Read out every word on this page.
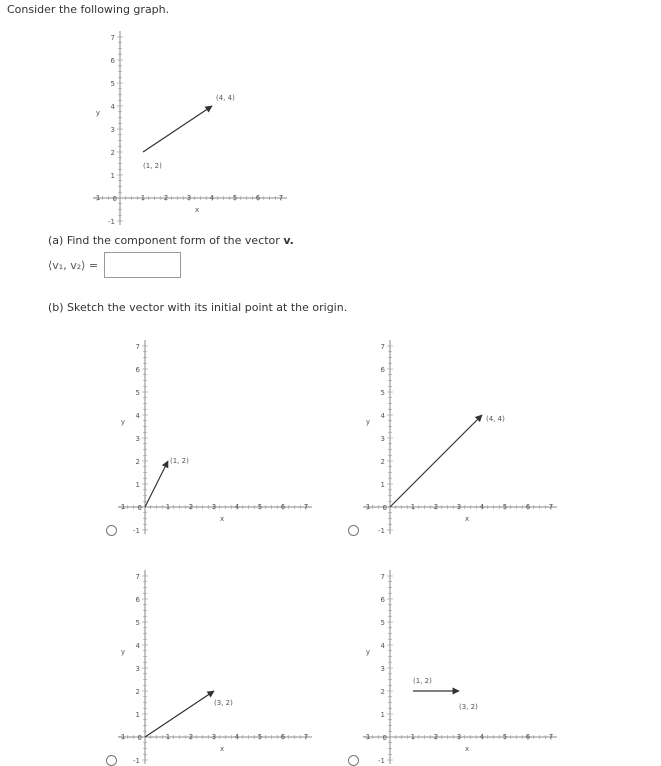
Consider the following graph.
-1	1	2	3	4	5	6	7
-1
1
2
3
4
5
6
7
0
x
y
(1, 2)
(4, 4)
(a) Find the component form of the vector v.
⟨v₁, v₂⟩ =
(b) Sketch the vector with its initial point at the origin.
-1	1	2	3	4	5	6	7
-1
1
2
3
4
5
6
7
0
x
y
(1, 2)
-1	1	2	3	4	5	6	7
-1
1
2
3
4
5
6
7
0
x
y	(4, 4)
-1	1	2	3	4	5	6	7
-1
1
2
3
4
5
6
7
0
x
y
(3, 2)
-1	1	2	3	4	5	6	7
-1
1
2
3
4
5
6
7
0
x
y
(1, 2)
(3, 2)
